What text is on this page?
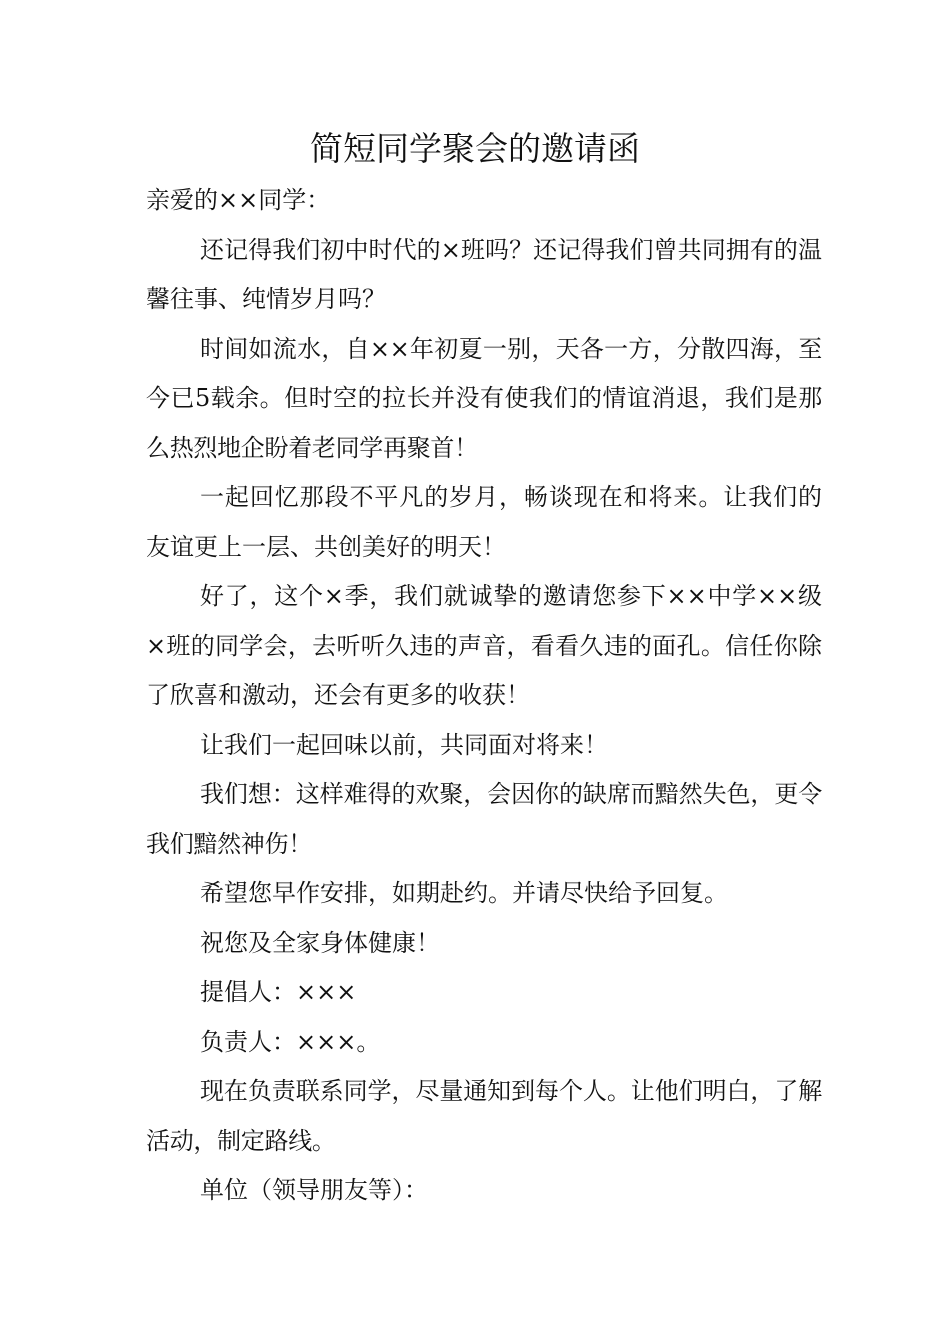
简短同学聚会的邀请函

亲爱的××同学：

还记得我们初中时代的×班吗？还记得我们曾共同拥有的温馨往事、纯情岁月吗？

时间如流水，自××年初夏一别，天各一方，分散四海，至今已5载余。但时空的拉长并没有使我们的情谊消退，我们是那么热烈地企盼着老同学再聚首！

一起回忆那段不平凡的岁月，畅谈现在和将来。让我们的友谊更上一层、共创美好的明天！

好了，这个×季，我们就诚挚的邀请您参下××中学××级×班的同学会，去听听久违的声音，看看久违的面孔。信任你除了欣喜和激动，还会有更多的收获！

让我们一起回味以前，共同面对将来！

我们想：这样难得的欢聚，会因你的缺席而黯然失色，更令我们黯然神伤！

希望您早作安排，如期赴约。并请尽快给予回复。

祝您及全家身体健康！

提倡人：×××

负责人：×××。

现在负责联系同学，尽量通知到每个人。让他们明白，了解活动，制定路线。

单位（领导朋友等）：
